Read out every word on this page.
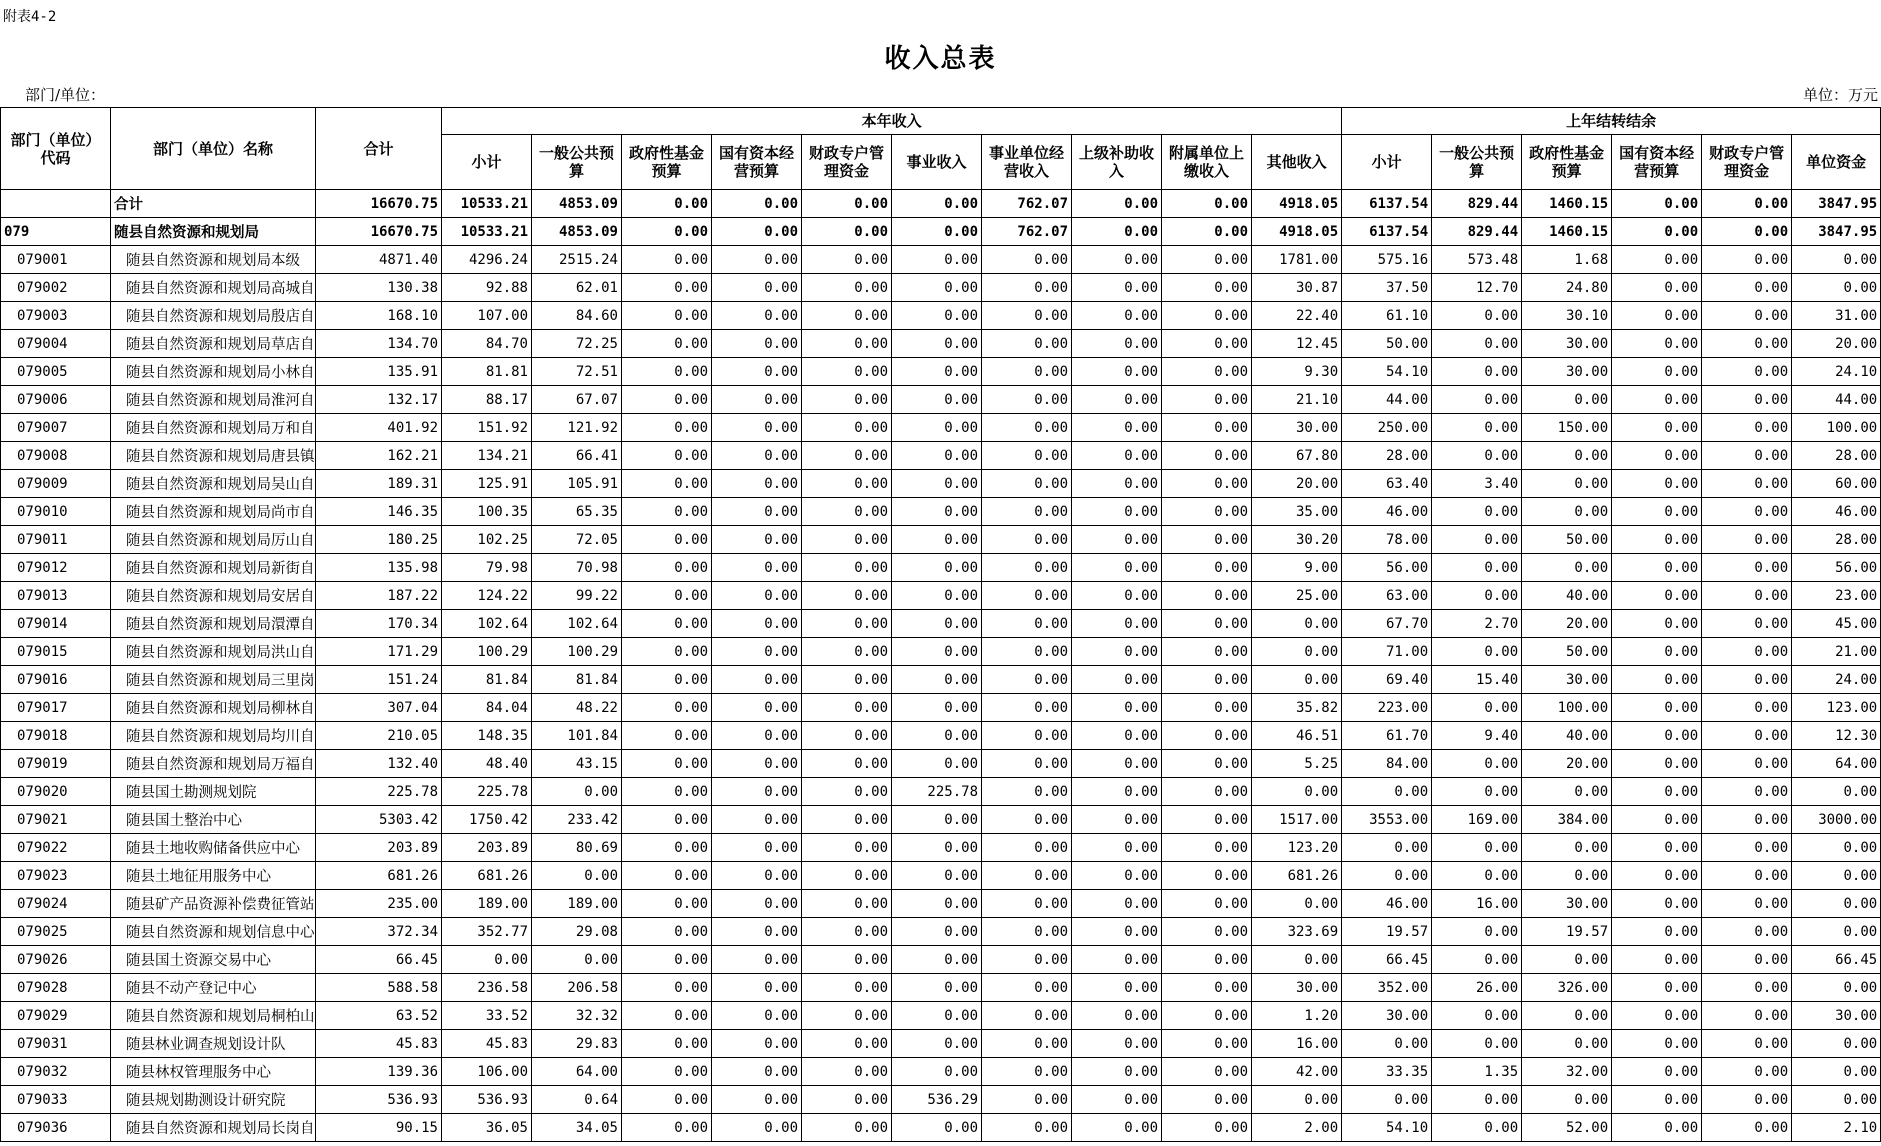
附表4-2
收入总表
部门/单位：	单位：万元
部门（单位）代码	部门（单位）名称	合计	本年收入										上年结转结余					
			小计	一般公共预算	政府性基金预算	国有资本经营预算	财政专户管理资金	事业收入	事业单位经营收入	上级补助收入	附属单位上缴收入	其他收入	小计	一般公共预算	政府性基金预算	国有资本经营预算	财政专户管理资金	单位资金
	合计	16670.75	10533.21	4853.09	0.00	0.00	0.00	0.00	762.07	0.00	0.00	4918.05	6137.54	829.44	1460.15	0.00	0.00	3847.95
079	随县自然资源和规划局	16670.75	10533.21	4853.09	0.00	0.00	0.00	0.00	762.07	0.00	0.00	4918.05	6137.54	829.44	1460.15	0.00	0.00	3847.95
079001	随县自然资源和规划局本级	4871.40	4296.24	2515.24	0.00	0.00	0.00	0.00	0.00	0.00	0.00	1781.00	575.16	573.48	1.68	0.00	0.00	0.00
079002	随县自然资源和规划局高城自	130.38	92.88	62.01	0.00	0.00	0.00	0.00	0.00	0.00	0.00	30.87	37.50	12.70	24.80	0.00	0.00	0.00
079003	随县自然资源和规划局殷店自	168.10	107.00	84.60	0.00	0.00	0.00	0.00	0.00	0.00	0.00	22.40	61.10	0.00	30.10	0.00	0.00	31.00
079004	随县自然资源和规划局草店自	134.70	84.70	72.25	0.00	0.00	0.00	0.00	0.00	0.00	0.00	12.45	50.00	0.00	30.00	0.00	0.00	20.00
079005	随县自然资源和规划局小林自	135.91	81.81	72.51	0.00	0.00	0.00	0.00	0.00	0.00	0.00	9.30	54.10	0.00	30.00	0.00	0.00	24.10
079006	随县自然资源和规划局淮河自	132.17	88.17	67.07	0.00	0.00	0.00	0.00	0.00	0.00	0.00	21.10	44.00	0.00	0.00	0.00	0.00	44.00
079007	随县自然资源和规划局万和自	401.92	151.92	121.92	0.00	0.00	0.00	0.00	0.00	0.00	0.00	30.00	250.00	0.00	150.00	0.00	0.00	100.00
079008	随县自然资源和规划局唐县镇	162.21	134.21	66.41	0.00	0.00	0.00	0.00	0.00	0.00	0.00	67.80	28.00	0.00	0.00	0.00	0.00	28.00
079009	随县自然资源和规划局吴山自	189.31	125.91	105.91	0.00	0.00	0.00	0.00	0.00	0.00	0.00	20.00	63.40	3.40	0.00	0.00	0.00	60.00
079010	随县自然资源和规划局尚市自	146.35	100.35	65.35	0.00	0.00	0.00	0.00	0.00	0.00	0.00	35.00	46.00	0.00	0.00	0.00	0.00	46.00
079011	随县自然资源和规划局厉山自	180.25	102.25	72.05	0.00	0.00	0.00	0.00	0.00	0.00	0.00	30.20	78.00	0.00	50.00	0.00	0.00	28.00
079012	随县自然资源和规划局新街自	135.98	79.98	70.98	0.00	0.00	0.00	0.00	0.00	0.00	0.00	9.00	56.00	0.00	0.00	0.00	0.00	56.00
079013	随县自然资源和规划局安居自	187.22	124.22	99.22	0.00	0.00	0.00	0.00	0.00	0.00	0.00	25.00	63.00	0.00	40.00	0.00	0.00	23.00
079014	随县自然资源和规划局澴潭自	170.34	102.64	102.64	0.00	0.00	0.00	0.00	0.00	0.00	0.00	0.00	67.70	2.70	20.00	0.00	0.00	45.00
079015	随县自然资源和规划局洪山自	171.29	100.29	100.29	0.00	0.00	0.00	0.00	0.00	0.00	0.00	0.00	71.00	0.00	50.00	0.00	0.00	21.00
079016	随县自然资源和规划局三里岗	151.24	81.84	81.84	0.00	0.00	0.00	0.00	0.00	0.00	0.00	0.00	69.40	15.40	30.00	0.00	0.00	24.00
079017	随县自然资源和规划局柳林自	307.04	84.04	48.22	0.00	0.00	0.00	0.00	0.00	0.00	0.00	35.82	223.00	0.00	100.00	0.00	0.00	123.00
079018	随县自然资源和规划局均川自	210.05	148.35	101.84	0.00	0.00	0.00	0.00	0.00	0.00	0.00	46.51	61.70	9.40	40.00	0.00	0.00	12.30
079019	随县自然资源和规划局万福自	132.40	48.40	43.15	0.00	0.00	0.00	0.00	0.00	0.00	0.00	5.25	84.00	0.00	20.00	0.00	0.00	64.00
079020	随县国土勘测规划院	225.78	225.78	0.00	0.00	0.00	0.00	225.78	0.00	0.00	0.00	0.00	0.00	0.00	0.00	0.00	0.00	0.00
079021	随县国土整治中心	5303.42	1750.42	233.42	0.00	0.00	0.00	0.00	0.00	0.00	0.00	1517.00	3553.00	169.00	384.00	0.00	0.00	3000.00
079022	随县土地收购储备供应中心	203.89	203.89	80.69	0.00	0.00	0.00	0.00	0.00	0.00	0.00	123.20	0.00	0.00	0.00	0.00	0.00	0.00
079023	随县土地征用服务中心	681.26	681.26	0.00	0.00	0.00	0.00	0.00	0.00	0.00	0.00	681.26	0.00	0.00	0.00	0.00	0.00	0.00
079024	随县矿产品资源补偿费征管站	235.00	189.00	189.00	0.00	0.00	0.00	0.00	0.00	0.00	0.00	0.00	46.00	16.00	30.00	0.00	0.00	0.00
079025	随县自然资源和规划信息中心	372.34	352.77	29.08	0.00	0.00	0.00	0.00	0.00	0.00	0.00	323.69	19.57	0.00	19.57	0.00	0.00	0.00
079026	随县国土资源交易中心	66.45	0.00	0.00	0.00	0.00	0.00	0.00	0.00	0.00	0.00	0.00	66.45	0.00	0.00	0.00	0.00	66.45
079028	随县不动产登记中心	588.58	236.58	206.58	0.00	0.00	0.00	0.00	0.00	0.00	0.00	30.00	352.00	26.00	326.00	0.00	0.00	0.00
079029	随县自然资源和规划局桐柏山	63.52	33.52	32.32	0.00	0.00	0.00	0.00	0.00	0.00	0.00	1.20	30.00	0.00	0.00	0.00	0.00	30.00
079031	随县林业调查规划设计队	45.83	45.83	29.83	0.00	0.00	0.00	0.00	0.00	0.00	0.00	16.00	0.00	0.00	0.00	0.00	0.00	0.00
079032	随县林权管理服务中心	139.36	106.00	64.00	0.00	0.00	0.00	0.00	0.00	0.00	0.00	42.00	33.35	1.35	32.00	0.00	0.00	0.00
079033	随县规划勘测设计研究院	536.93	536.93	0.64	0.00	0.00	0.00	536.29	0.00	0.00	0.00	0.00	0.00	0.00	0.00	0.00	0.00	0.00
079036	随县自然资源和规划局长岗自	90.15	36.05	34.05	0.00	0.00	0.00	0.00	0.00	0.00	0.00	2.00	54.10	0.00	52.00	0.00	0.00	2.10
